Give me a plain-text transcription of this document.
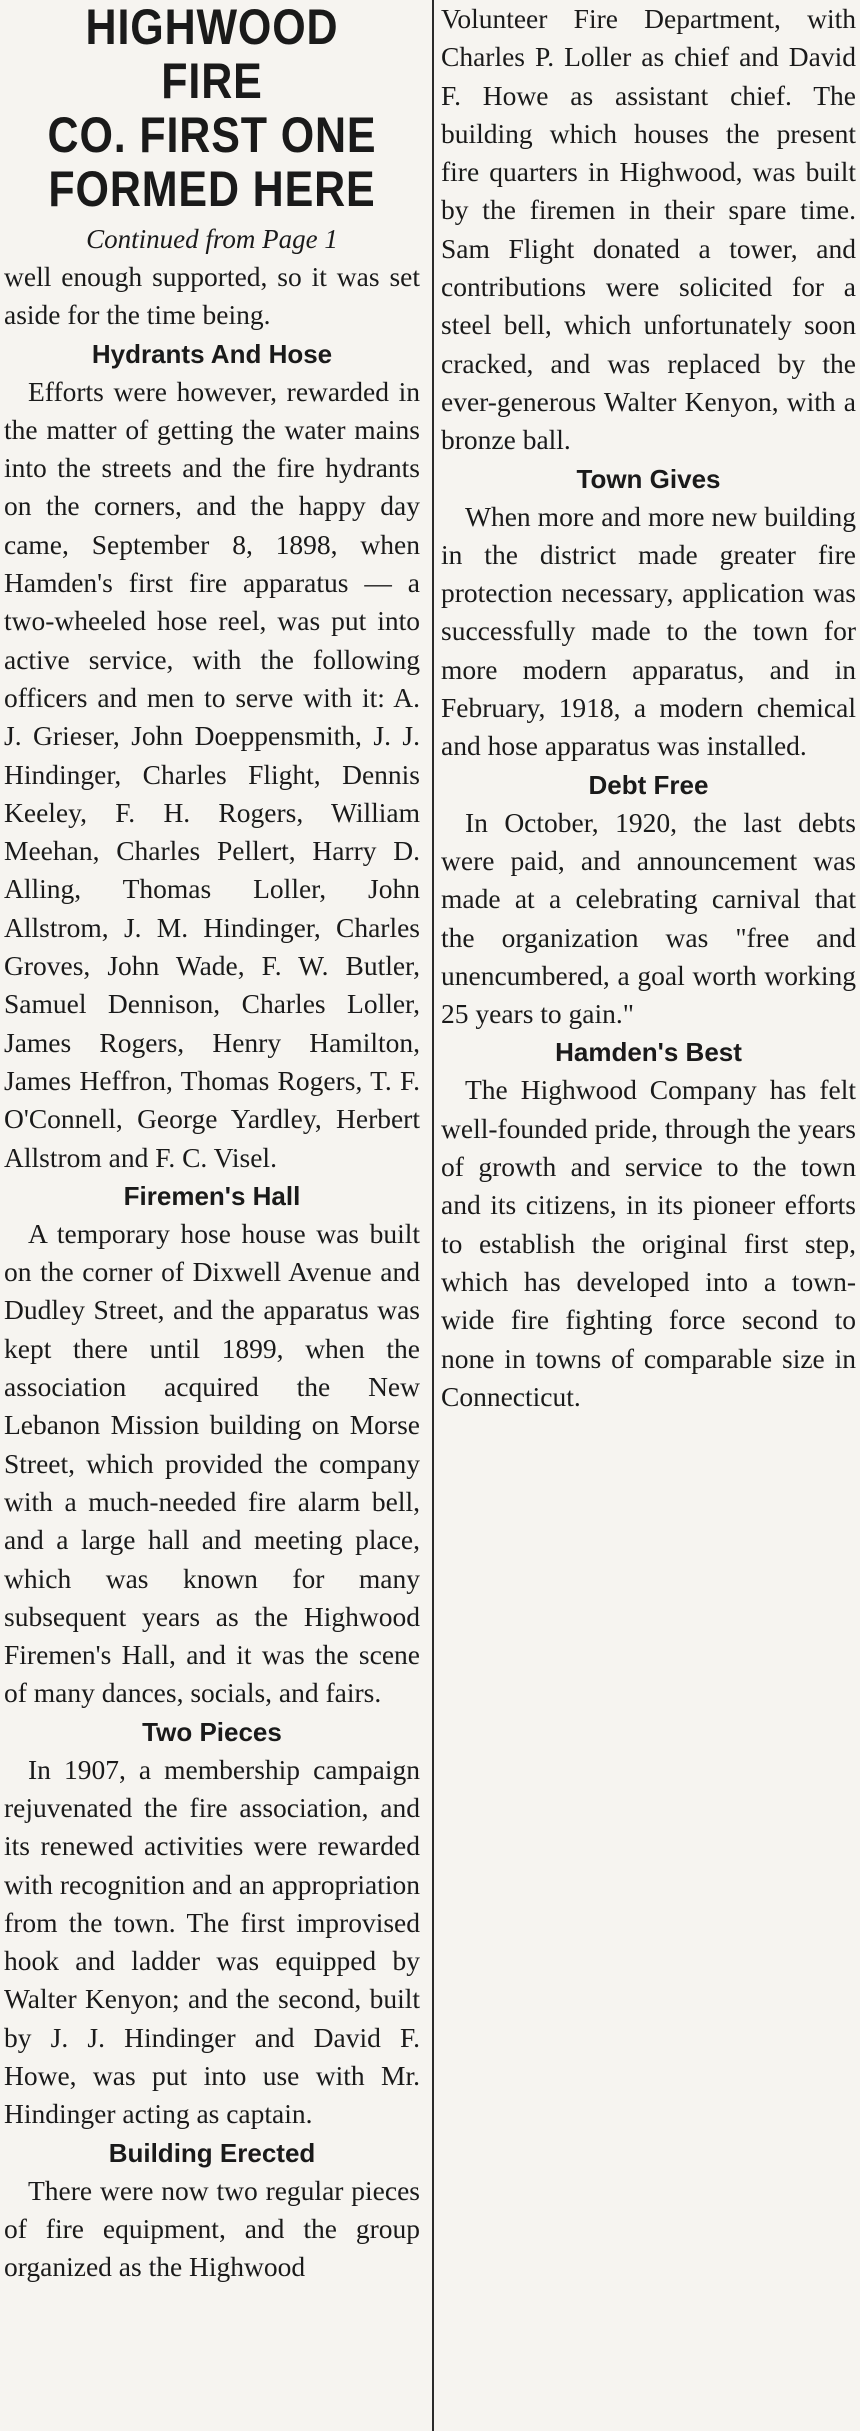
HIGHWOOD FIRE
CO. FIRST ONE
FORMED HERE
Continued from Page 1

well enough supported, so it was set aside for the time being.

Hydrants And Hose

Efforts were however, rewarded in the matter of getting the water mains into the streets and the fire hydrants on the corners, and the happy day came, September 8, 1898, when Hamden's first fire apparatus — a two-wheeled hose reel, was put into active service, with the following officers and men to serve with it: A. J. Grieser, John Doeppensmith, J. J. Hindinger, Charles Flight, Dennis Keeley, F. H. Rogers, William Meehan, Charles Pellert, Harry D. Alling, Thomas Loller, John Allstrom, J. M. Hindinger, Charles Groves, John Wade, F. W. Butler, Samuel Dennison, Charles Loller, James Rogers, Henry Hamilton, James Heffron, Thomas Rogers, T. F. O'Connell, George Yardley, Herbert Allstrom and F. C. Visel.

Firemen's Hall

A temporary hose house was built on the corner of Dixwell Avenue and Dudley Street, and the apparatus was kept there until 1899, when the association acquired the New Lebanon Mission building on Morse Street, which provided the company with a much-needed fire alarm bell, and a large hall and meeting place, which was known for many subsequent years as the Highwood Firemen's Hall, and it was the scene of many dances, socials, and fairs.

Two Pieces

In 1907, a membership campaign rejuvenated the fire association, and its renewed activities were rewarded with recognition and an appropriation from the town. The first improvised hook and ladder was equipped by Walter Kenyon; and the second, built by J. J. Hindinger and David F. Howe, was put into use with Mr. Hindinger acting as captain.

Building Erected

There were now two regular pieces of fire equipment, and the group organized as the Highwood

Volunteer Fire Department, with Charles P. Loller as chief and David F. Howe as assistant chief. The building which houses the present fire quarters in Highwood, was built by the firemen in their spare time. Sam Flight donated a tower, and contributions were solicited for a steel bell, which unfortunately soon cracked, and was replaced by the ever-generous Walter Kenyon, with a bronze ball.

Town Gives

When more and more new building in the district made greater fire protection necessary, application was successfully made to the town for more modern apparatus, and in February, 1918, a modern chemical and hose apparatus was installed.

Debt Free

In October, 1920, the last debts were paid, and announcement was made at a celebrating carnival that the organization was "free and unencumbered, a goal worth working 25 years to gain."

Hamden's Best

The Highwood Company has felt well-founded pride, through the years of growth and service to the town and its citizens, in its pioneer efforts to establish the original first step, which has developed into a town-wide fire fighting force second to none in towns of comparable size in Connecticut.
